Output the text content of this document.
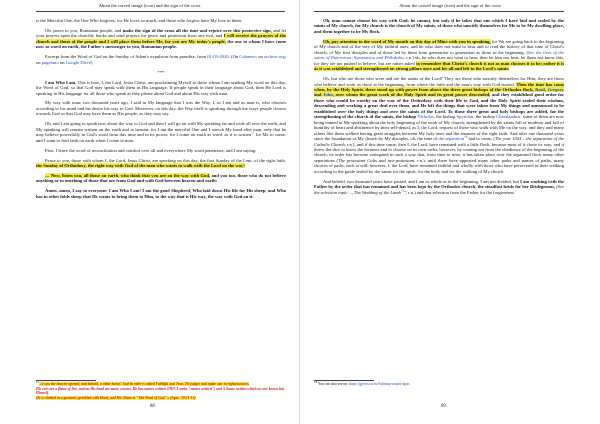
About the carved image (icon) and the sign of the cross

is the Merciful One, the One Who forgives, for He loves so much, and those who forgive have My love in them.

Oh, peace to you, Romanian people, and make the sign of the cross all the time and rejoice over this protective sign, and let your prayers open the churchly books and send prayers for peace and protection from any evil, and I will receive the prayers of the church and those of the people and I will place them before Me, for you are My today's people, the one to whom I have come now as word on earth, the Father's messenger to you, Romanian people.

Excerpt from the Word of God on the Sunday of Adam's expulsion from paradise, from 01-03-2020. (On Calameo; on archive.org; on pagefam; on Google Drive)

***

I am Who I am. This is how, I, the Lord, Jesus Christ, am proclaiming Myself to those whom I am sending My word on this day, the Word of God, so that God may speak with them in His language. If people speak in their language about God, then He Lord is speaking in His language for all those who speak as they please about God and about His way with man.

My way with man; two thousand years ago, I said in My language that I was the Way, I, as I am and as man is, who chooses according to his mind and his desire his way to God. Moreover, on this day, the Way itself is speaking through the ways people choose towards God so that God may have them as His people, as they may say.

Oh, and I am going to speak now about the way to God and then I will go on with My speaking far and wide all over the earth, and My speaking will remain written on the earth and in heaven, for I am the merciful One and I stretch My hand after man, only that he may believe powerfully in God's word from this time and in its power, for I come on earth as word, as it is written$^{17}$ for Me to come, and I want to find faith on earth when I come to man.

First, I leave the word of reconciliation and comfort over all and everywhere My word penetrates, and I am saying:

Peace to you, those with whom I, the Lord, Jesus Christ, am speaking on this day, the first Sunday of the Lent, of the right faith. the Sunday of Orthodoxy, the right way with God of the man who wants to walk with the Lord on the way!

… Now, listen you, all those on earth, who think that you are on the way with God, and you too, those who do not believe anything or in anything of those that are from God and with God between heaven and earth:

Amen, amen, I say to everyone: I am Who I am! I am the good Shepherd, Who laid down His life for His sheep, and Who has in other folds sheep that He wants to bring them to Him, to the way that is His way, the way with God on it.

17 «I saw the heaven opened, and behold, a white horse! And its rider is called Faithful and True. He judges and make war in righteousness.

His eyes are a flame of fire, and on His head are many crowns. He has names written (TR/CT omits "names written") and A Name written which no one knows but Himself.

He is clothed in a garment sprinkled with blood, and His Name is "The Word of God."» (Apoc. 19:11-13)

88
About the carved image (icon) and the sign of the cross

Oh, man cannot choose his way with God; he cannot, but only if he takes that one which I have laid and sealed by the saints of My church, for My church is the church of My saints, of those who sanctify themselves for Me to be My dwelling place, and them together to be My flock.

Oh, pay attention to the word of My mouth on this day of Mine with you in speaking, for We are going back to the beginning of My church and of the way of My faithful ones; and he who does not want to hear and to read the history of that time of Christ's church, of My first disciples and of those led by them from generation to generation as those in the beginning. (See the lives of the saints of Paternicon, Synaxarion and Philokalia, r.n.) oh, he who does not want to hear, then let him not hear, let them not know this, for they are not pushed to believe, but are rather asked to remember that Christ's church is not as man chooses it to be; rather it is as it was established and strengthened on strong pillars once and for all and left to the Lord's saints.

Oh, but who are those who were and are the saints of the Lord? They are those who sanctify themselves for Him; they are those who believe and work as those at the beginning, from where the faith and the man's way with God started. Then the time has come when, by the Holy Spirit, there stood up with power from above the three great bishops of the Orthodox flock, Basil, Gregory and John, over whom the great work of the Holy Spirit and its great power descended, and they established good order for those who would be worthy on the way of the Orthodoxy with their life to God, and the Holy Spirit sealed their wisdom, descending and working a great deal over them, and He left the things that were taken from My things and announced to be established over the holy things and over the saints of the Lord. To those three great and holy bishops are added, for the strengthening of the church of the saints, the bishop Nicholas, the bishop Spyridon, the bishop Charalambos, some of them are now being named in My speaking about the holy beginning of the work of My church, strengthened by the saints full of modesty and full of humility of heart and abstinence by their self-denial, as I, the Lord, request of those who walk with Me on the way, and they and many others like them walked having great struggles between My holy ones and the enemies of the right faith. And after one thousand years since the foundation of My church by My disciples, oh, the time of the separation$^{18}$ had to come, (The year 1054 – the separation of the Catholic Church, r.n.), and if this time came, then I, the Lord, have remained with a little flock, because most of it chose its way, and it threw the dice to know the fortunes and to choose on its own order, however, by coming out from the obedience of the beginning of the church; its order has become variegated in such a way that, from time to time, it has taken place over the separated flock many other separations (The protestant Cults and neo-protestant, r.n.), until there have appeared many other paths and names of paths, many choices of paths, each at will; however, I, the Lord, have remained faithful and wholly with those who have persevered in their walking according to the guide sealed by the saints for the spirit, for the body and for the walking of My church.

And behold, two thousand years have passed, and I am as whole as in the beginning, I am not divided, but I am working with the Father by the order that has remained and has been kept by the Orthodox church, the steadfast bride for her Bridegroom, (See the selection topic : „The Wedding of the Lamb$^{19}$", r.n.) and that selection from the Father for the forgiveness

18 You can also see on: https://gpv.bsr.ro/w/Schisma-rasarit-apus

89
